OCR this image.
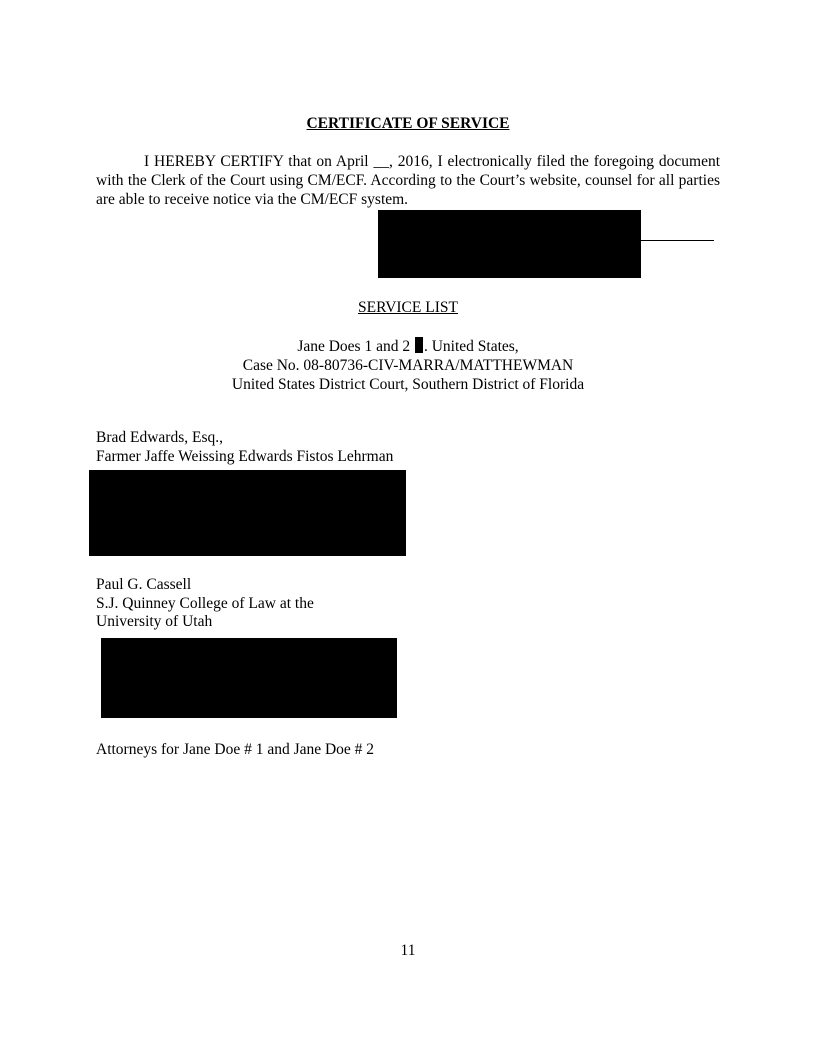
CERTIFICATE OF SERVICE
I HEREBY CERTIFY that on April __, 2016, I electronically filed the foregoing document with the Clerk of the Court using CM/ECF. According to the Court’s website, counsel for all parties are able to receive notice via the CM/ECF system.
SERVICE LIST
Jane Does 1 and 2 . United States,
Case No. 08-80736-CIV-MARRA/MATTHEWMAN
United States District Court, Southern District of Florida
Brad Edwards, Esq.,
Farmer Jaffe Weissing Edwards Fistos Lehrman
Paul G. Cassell
S.J. Quinney College of Law at the
University of Utah
Attorneys for Jane Doe # 1 and Jane Doe # 2
11
